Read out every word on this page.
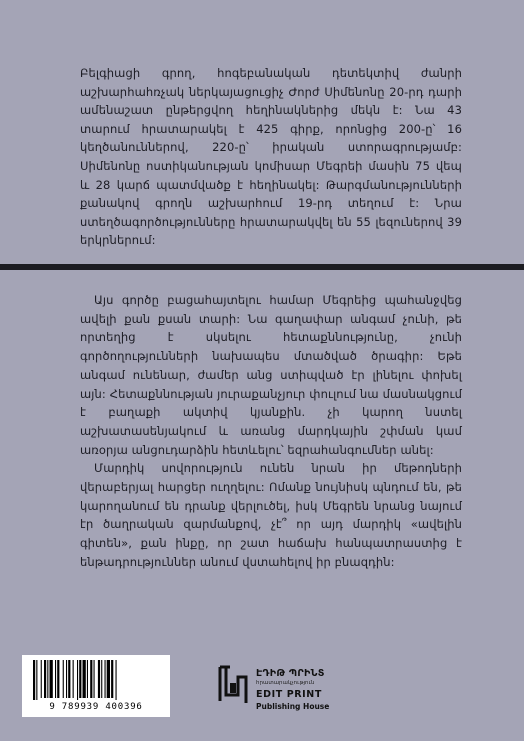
Բելգիացի գրող, հոգեբանական դետեկտիվ ժանրի աշխարհահռչակ ներկայացուցիչ Ժորժ Սիմենոնը 20-րդ դարի ամենաշատ ընթերցվող հեղինակներից մեկն է: Նա 43 տարում հրատարակել է 425 գիրք, որոնցից 200-ը՝ 16 կեղծանուններով, 220-ը՝ իրական ստորագրությամբ: Սիմենոնը ոստիկանության կոմիսար Մեգրեի մասին 75 վեպ և 28 կարճ պատմվածք է հեղինակել: Թարգմանությունների քանակով գրողն աշխարհում 19-րդ տեղում է: Նրա ստեղծագործությունները հրատարակվել են 55 լեզուներով 39 երկրներում:

Այս գործը բացահայտելու համար Մեգրեից պահանջվեց ավելի քան քսան տարի: Նա գաղափար անգամ չունի, թե որտեղից է սկսելու հետաքննությունը, չունի գործողությունների նախապես մտածված ծրագիր: Եթե անգամ ունենար, ժամեր անց ստիպված էր լինելու փոխել այն: Հետաքննության յուրաքանչյուր փուլում նա մասնակցում է բաղաքի ակտիվ կյանքին. չի կարող նստել աշխատասենյակում և առանց մարդկային շփման կամ առօրյա անցուդարձին հետևելու՝ եզրահանգումներ անել:

Մարդիկ սովորություն ունեն նրան իր մեթոդների վերաբերյալ հարցեր ուղղելու: Ոմանք նույնիսկ պնդում են, թե կարողանում են դրանք վերլուծել, իսկ Մեգրեն նրանց նայում էր ծաղրական զարմանքով, չէ՞ որ այդ մարդիկ «ավելին գիտեն», քան ինքը, որ շատ հաճախ հանպատրաստից է ենթադրություններ անում վստահելով իր բնազդին:

9 789939 400396
ԷԴԻԹ ՊՐԻՆՏ
հրատարակչություն
EDIT PRINT
Publishing House
